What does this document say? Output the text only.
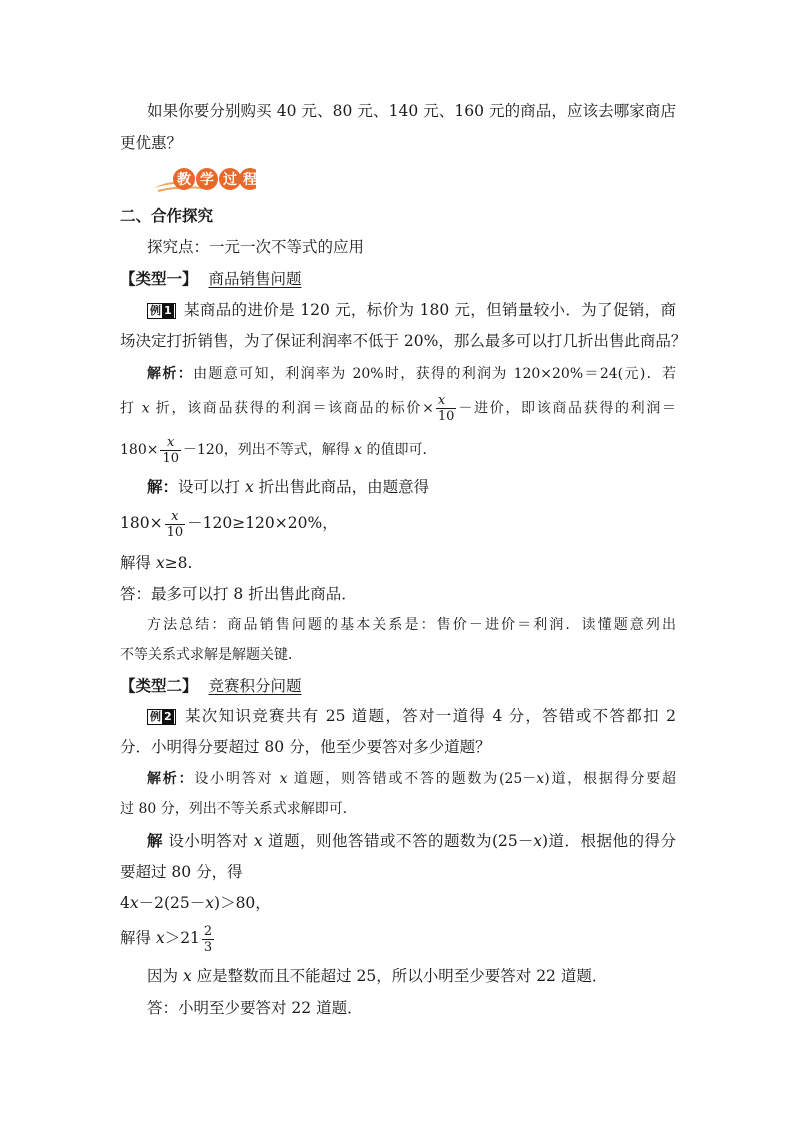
如果你要分别购买 40 元、80 元、140 元、160 元的商品，应该去哪家商店
更优惠？
教 学 过 程
二、合作探究
探究点：一元一次不等式的应用
【类型一】 商品销售问题
例 1 某商品的进价是 120 元，标价为 180 元，但销量较小．为了促销，商
场决定打折销售，为了保证利润率不低于 20%，那么最多可以打几折出售此商品？
解析：由题意可知，利润率为 20%时，获得的利润为 120×20%＝24(元)．若
打 x 折，该商品获得的利润＝该商品的标价× $\frac{x}{10}$ －进价，即该商品获得的利润＝
$180\times \frac{x}{10} -120$，列出不等式，解得 x 的值即可．
解：设可以打 x 折出售此商品，由题意得
$180\times \frac{x}{10} -120\ge 120\times 20\%$，
解得 x≥8.
答：最多可以打 8 折出售此商品．
方法总结：商品销售问题的基本关系是：售价－进价＝利润．读懂题意列出
不等关系式求解是解题关键．
【类型二】 竞赛积分问题
例 2 某次知识竞赛共有 25 道题，答对一道得 4 分，答错或不答都扣 2
分．小明得分要超过 80 分，他至少要答对多少道题？
解析：设小明答对 x 道题，则答错或不答的题数为(25－x)道，根据得分要超
过 80 分，列出不等关系式求解即可．
解 设小明答对 x 道题，则他答错或不答的题数为(25－x)道．根据他的得分
要超过 80 分，得
4x－2(25－x)＞80，
解得 $x>21 \frac{2}{3}$
因为 x 应是整数而且不能超过 25，所以小明至少要答对 22 道题．
答：小明至少要答对 22 道题．
